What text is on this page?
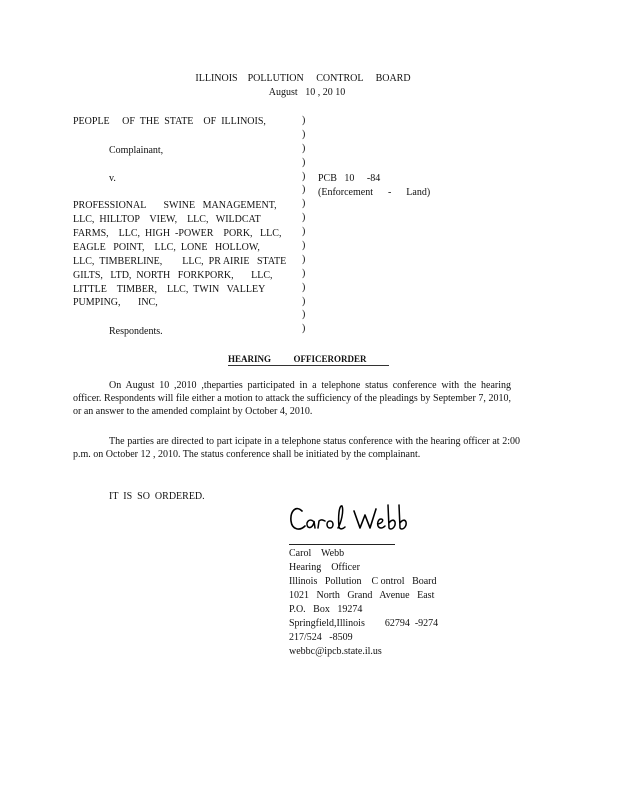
ILLINOIS    POLLUTION     CONTROL     BOARD
August   10 , 20 10
PEOPLE     OF  THE  STATE    OF  ILLINOIS,
Complainant,
v.
PROFESSIONAL       SWINE   MANAGEMENT,
LLC,  HILLTOP    VIEW,    LLC,   WILDCAT
FARMS,    LLC,  HIGH  -POWER    PORK,   LLC,
EAGLE   POINT,    LLC,  LONE   HOLLOW,
LLC,  TIMBERLINE,        LLC,  PR AIRIE   STATE
GILTS,   LTD,  NORTH   FORKPORK,       LLC,
LITTLE    TIMBER,    LLC,  TWIN   VALLEY
PUMPING,       INC,
Respondents.
)
)
)
)
)
)
)
)
)
)
)
)
)
)
)
)
PCB   10     -84
(Enforcement      -      Land)
HEARING          OFFICERORDER
On August 10 ,2010 ,theparties participated in a telephone status conference with the hearing officer. Respondents will file either a motion to attack the sufficiency of the pleadings by September 7, 2010, or an answer to the amended complaint by October 4, 2010.
The parties are directed to part icipate in a telephone status conference with the hearing officer at 2:00 p.m. on October 12 , 2010. The status conference shall be initiated by the complainant.
IT  IS  SO  ORDERED.
Carol    Webb
Hearing    Officer
Illinois   Pollution    C ontrol   Board
1021   North   Grand   Avenue   East
P.O.   Box   19274
Springfield,Illinois        62794  -9274
217/524   -8509
webbc@ipcb.state.il.us
